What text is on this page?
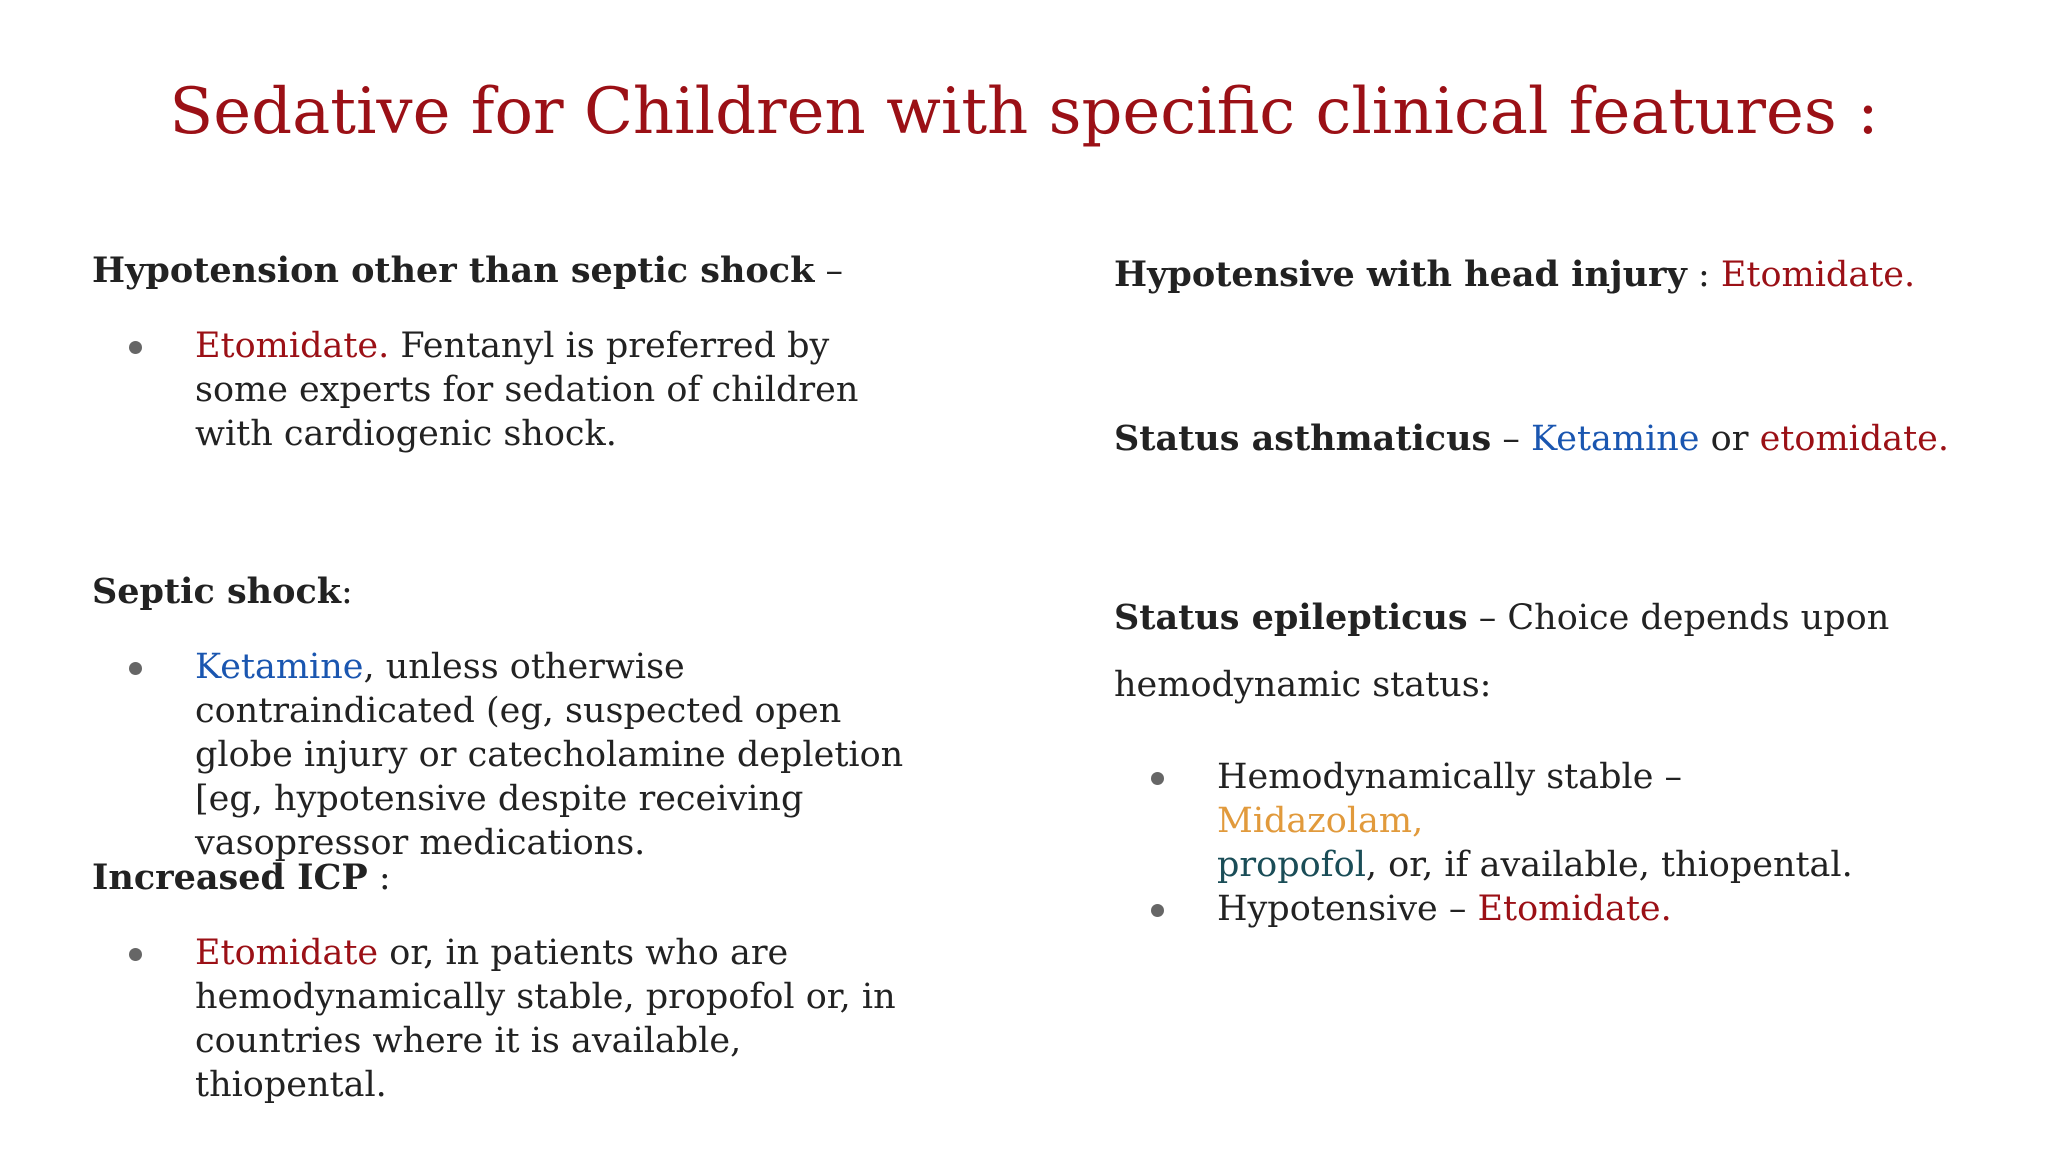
Sedative for Children with specific clinical features :

Hypotension other than septic shock –

Etomidate. Fentanyl is preferred by some experts for sedation of children with cardiogenic shock.

Septic shock:

Ketamine, unless otherwise contraindicated (eg, suspected open globe injury or catecholamine depletion [eg, hypotensive despite receiving vasopressor medications.

Increased ICP :

Etomidate or, in patients who are hemodynamically stable, propofol or, in countries where it is available, thiopental.

Hypotensive with head injury : Etomidate.

Status asthmaticus – Ketamine or etomidate.

Status epilepticus – Choice depends upon

hemodynamic status:

Hemodynamically stable – Midazolam,
propofol, or, if available, thiopental.
Hypotensive – Etomidate.
